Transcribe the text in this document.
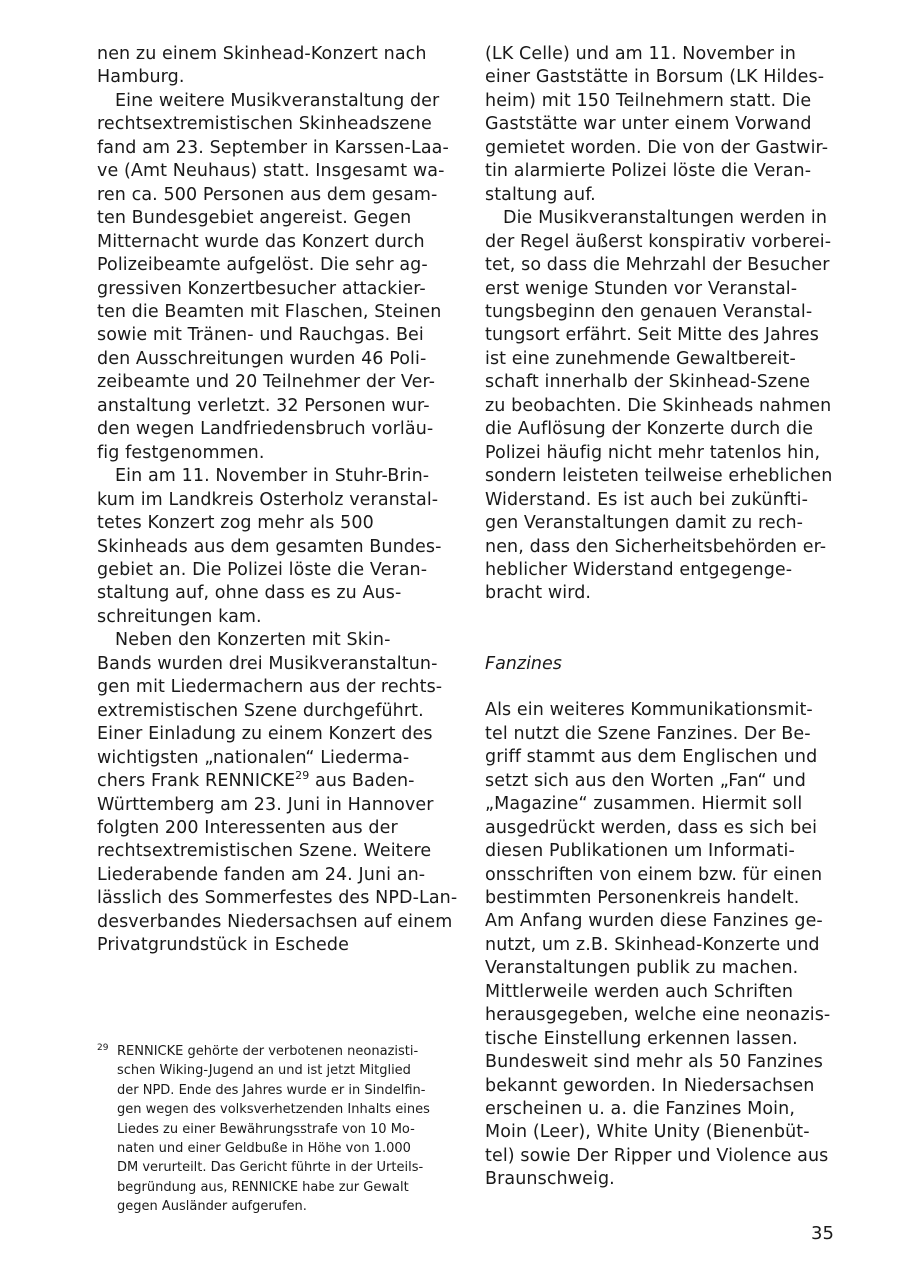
nen zu einem Skinhead-Konzert nach
Hamburg.
Eine weitere Musikveranstaltung der
rechtsextremistischen Skinheadszene
fand am 23. September in Karssen-Laa-
ve (Amt Neuhaus) statt. Insgesamt wa-
ren ca. 500 Personen aus dem gesam-
ten Bundesgebiet angereist. Gegen
Mitternacht wurde das Konzert durch
Polizeibeamte aufgelöst. Die sehr ag-
gressiven Konzertbesucher attackier-
ten die Beamten mit Flaschen, Steinen
sowie mit Tränen- und Rauchgas. Bei
den Ausschreitungen wurden 46 Poli-
zeibeamte und 20 Teilnehmer der Ver-
anstaltung verletzt. 32 Personen wur-
den wegen Landfriedensbruch vorläu-
fig festgenommen.
Ein am 11. November in Stuhr-Brin-
kum im Landkreis Osterholz veranstal-
tetes Konzert zog mehr als 500
Skinheads aus dem gesamten Bundes-
gebiet an. Die Polizei löste die Veran-
staltung auf, ohne dass es zu Aus-
schreitungen kam.
Neben den Konzerten mit Skin-
Bands wurden drei Musikveranstaltun-
gen mit Liedermachern aus der rechts-
extremistischen Szene durchgeführt.
Einer Einladung zu einem Konzert des
wichtigsten „nationalen“ Liederma-
chers Frank RENNICKE$^{29}$ aus Baden-
Württemberg am 23. Juni in Hannover
folgten 200 Interessenten aus der
rechtsextremistischen Szene. Weitere
Liederabende fanden am 24. Juni an-
lässlich des Sommerfestes des NPD-Lan-
desverbandes Niedersachsen auf einem
Privatgrundstück in Eschede
(LK Celle) und am 11. November in
einer Gaststätte in Borsum (LK Hildes-
heim) mit 150 Teilnehmern statt. Die
Gaststätte war unter einem Vorwand
gemietet worden. Die von der Gastwir-
tin alarmierte Polizei löste die Veran-
staltung auf.
Die Musikveranstaltungen werden in
der Regel äußerst konspirativ vorberei-
tet, so dass die Mehrzahl der Besucher
erst wenige Stunden vor Veranstal-
tungsbeginn den genauen Veranstal-
tungsort erfährt. Seit Mitte des Jahres
ist eine zunehmende Gewaltbereit-
schaft innerhalb der Skinhead-Szene
zu beobachten. Die Skinheads nahmen
die Auflösung der Konzerte durch die
Polizei häufig nicht mehr tatenlos hin,
sondern leisteten teilweise erheblichen
Widerstand. Es ist auch bei zukünfti-
gen Veranstaltungen damit zu rech-
nen, dass den Sicherheitsbehörden er-
heblicher Widerstand entgegenge-
bracht wird.
Fanzines
Als ein weiteres Kommunikationsmit-
tel nutzt die Szene Fanzines. Der Be-
griff stammt aus dem Englischen und
setzt sich aus den Worten „Fan“ und
„Magazine“ zusammen. Hiermit soll
ausgedrückt werden, dass es sich bei
diesen Publikationen um Informati-
onsschriften von einem bzw. für einen
bestimmten Personenkreis handelt.
Am Anfang wurden diese Fanzines ge-
nutzt, um z.B. Skinhead-Konzerte und
Veranstaltungen publik zu machen.
Mittlerweile werden auch Schriften
herausgegeben, welche eine neonazis-
tische Einstellung erkennen lassen.
Bundesweit sind mehr als 50 Fanzines
bekannt geworden. In Niedersachsen
erscheinen u. a. die Fanzines Moin,
Moin (Leer), White Unity (Bienenbüt-
tel) sowie Der Ripper und Violence aus
Braunschweig.
29 RENNICKE gehörte der verbotenen neonazisti-
schen Wiking-Jugend an und ist jetzt Mitglied
der NPD. Ende des Jahres wurde er in Sindelfin-
gen wegen des volksverhetzenden Inhalts eines
Liedes zu einer Bewährungsstrafe von 10 Mo-
naten und einer Geldbuße in Höhe von 1.000
DM verurteilt. Das Gericht führte in der Urteils-
begründung aus, RENNICKE habe zur Gewalt
gegen Ausländer aufgerufen.
35
